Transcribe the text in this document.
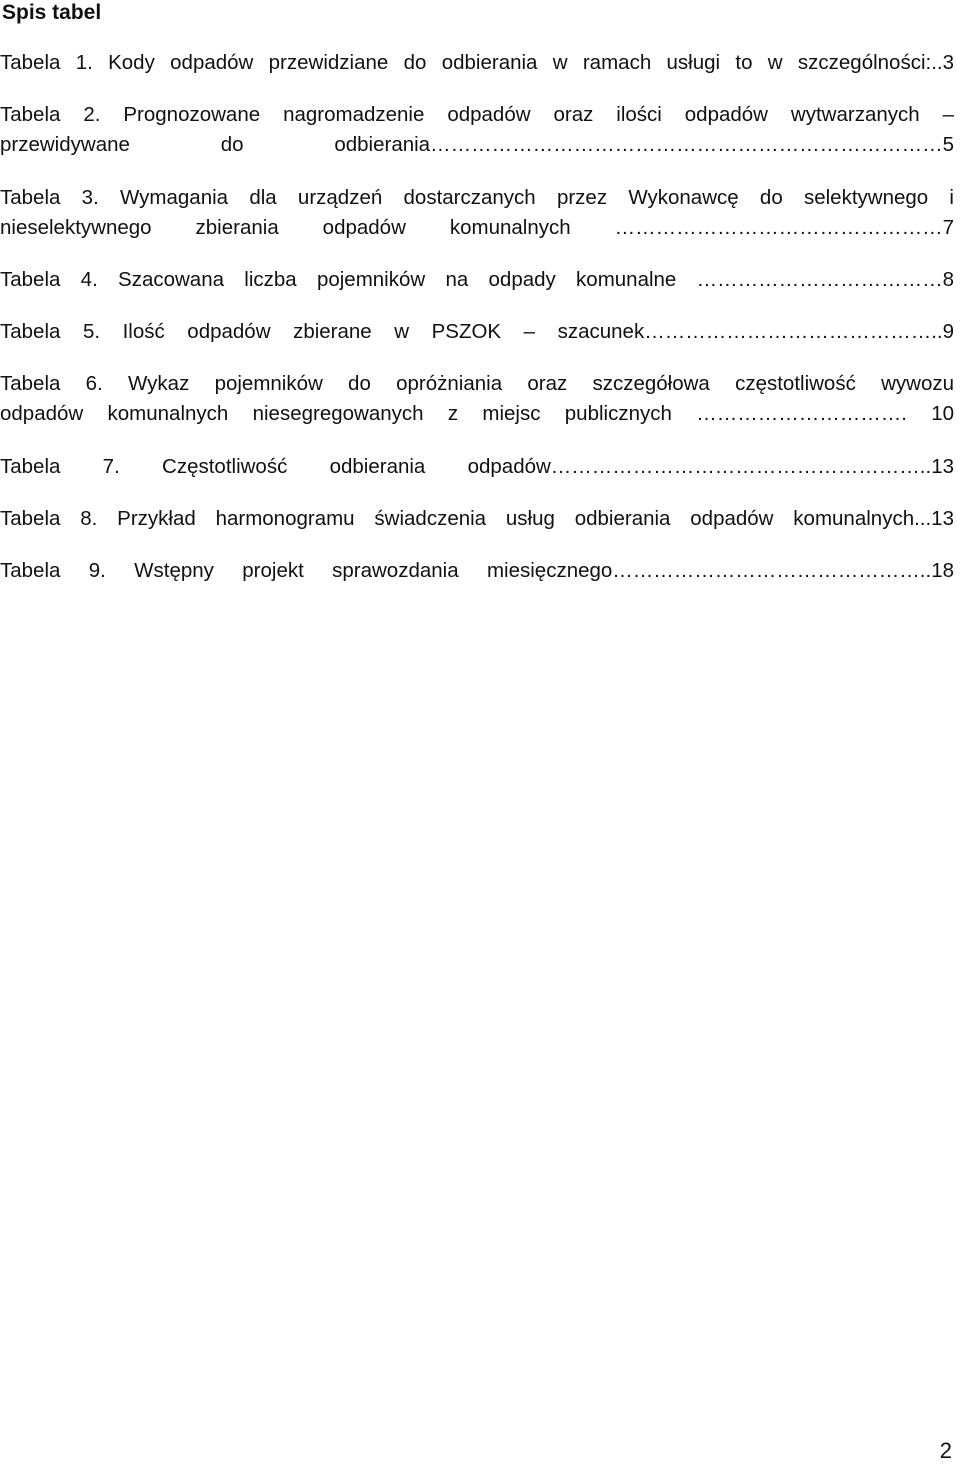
Spis tabel

Tabela 1. Kody odpadów przewidziane do odbierania w ramach usługi to w szczególności:..3

Tabela 2. Prognozowane nagromadzenie odpadów oraz ilości odpadów wytwarzanych –
przewidywane do odbierania…………………………………………………………………5

Tabela 3. Wymagania dla urządzeń dostarczanych przez Wykonawcę do selektywnego i
nieselektywnego zbierania odpadów komunalnych …………………………………………7

Tabela 4. Szacowana liczba pojemników na odpady komunalne ………………………………8

Tabela 5. Ilość odpadów zbierane w PSZOK – szacunek……………………………………..9

Tabela 6. Wykaz pojemników do opróżniania oraz szczegółowa częstotliwość wywozu
odpadów komunalnych niesegregowanych z miejsc publicznych …………………………. 10

Tabela 7. Częstotliwość odbierania odpadów………………………………………………..13

Tabela 8. Przykład harmonogramu świadczenia usług odbierania odpadów komunalnych...13

Tabela 9. Wstępny projekt sprawozdania miesięcznego………………………………………..18

2
